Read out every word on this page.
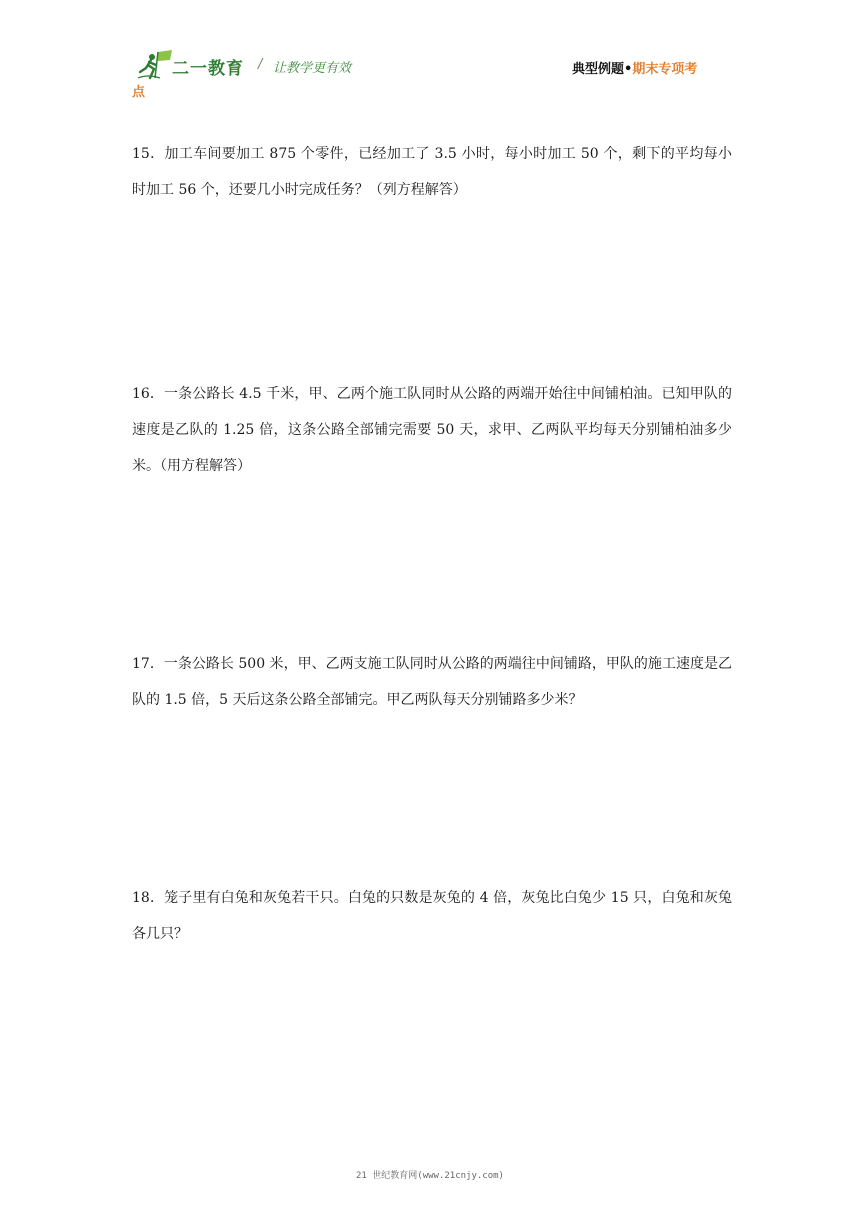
二一教育 / 让教学更有效	典型例题•期末专项考
点
15．加工车间要加工 875 个零件，已经加工了 3.5 小时，每小时加工 50 个，剩下的平均每小时加工 56 个，还要几小时完成任务？（列方程解答）
16．一条公路长 4.5 千米，甲、乙两个施工队同时从公路的两端开始往中间铺柏油。已知甲队的速度是乙队的 1.25 倍，这条公路全部铺完需要 50 天，求甲、乙两队平均每天分别铺柏油多少米。（用方程解答）
17．一条公路长 500 米，甲、乙两支施工队同时从公路的两端往中间铺路，甲队的施工速度是乙队的 1.5 倍，5 天后这条公路全部铺完。甲乙两队每天分别铺路多少米？
18．笼子里有白兔和灰兔若干只。白兔的只数是灰兔的 4 倍，灰兔比白兔少 15 只，白兔和灰兔各几只？
21 世纪教育网(www.21cnjy.com)
